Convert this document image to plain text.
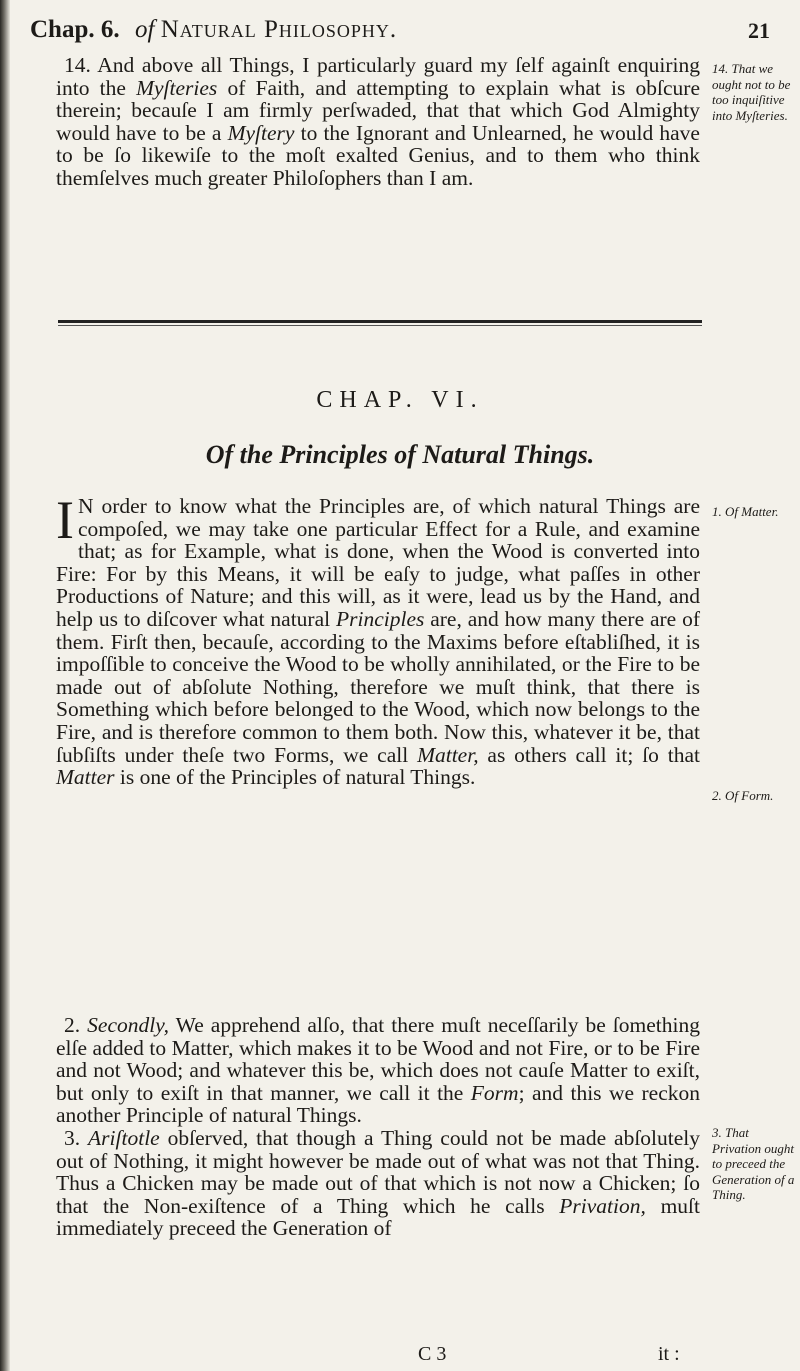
Chap. 6. of Natural Philosophy.	21
14. And above all Things, I particularly guard my ſelf againſt enquiring into the Myſteries of Faith, and attempting to explain what is obſcure therein; becauſe I am firmly perſwaded, that that which God Almighty would have to be a Myſtery to the Ignorant and Unlearned, he would have to be ſo likewiſe to the moſt exalted Genius, and to them who think themſelves much greater Philoſophers than I am.
14. That we ought not to be too inquiſitive into Myſteries.
CHAP. VI.
Of the Principles of Natural Things.
I N order to know what the Principles are, of which natural Things are compoſed, we may take one particular Effect for a Rule, and examine that; as for Example, what is done, when the Wood is converted into Fire: For by this Means, it will be eaſy to judge, what paſſes in other Productions of Nature; and this will, as it were, lead us by the Hand, and help us to diſcover what natural Principles are, and how many there are of them. Firſt then, becauſe, according to the Maxims before eſtabliſhed, it is impoſſible to conceive the Wood to be wholly annihilated, or the Fire to be made out of abſolute Nothing, therefore we muſt think, that there is Something which before belonged to the Wood, which now belongs to the Fire, and is therefore common to them both. Now this, whatever it be, that ſubſiſts under theſe two Forms, we call Matter, as others call it; ſo that Matter is one of the Principles of natural Things.
1. Of Matter.
2. Secondly, We apprehend alſo, that there muſt neceſſarily be ſomething elſe added to Matter, which makes it to be Wood and not Fire, or to be Fire and not Wood; and whatever this be, which does not cauſe Matter to exiſt, but only to exiſt in that manner, we call it the Form; and this we reckon another Principle of natural Things.
2. Of Form.
3. Ariſtotle obſerved, that though a Thing could not be made abſolutely out of Nothing, it might however be made out of what was not that Thing. Thus a Chicken may be made out of that which is not now a Chicken; ſo that the Non-exiſtence of a Thing which he calls Privation, muſt immediately preceed the Generation of
3. That Privation ought to preceed the Generation of a Thing.
C 3	it :
